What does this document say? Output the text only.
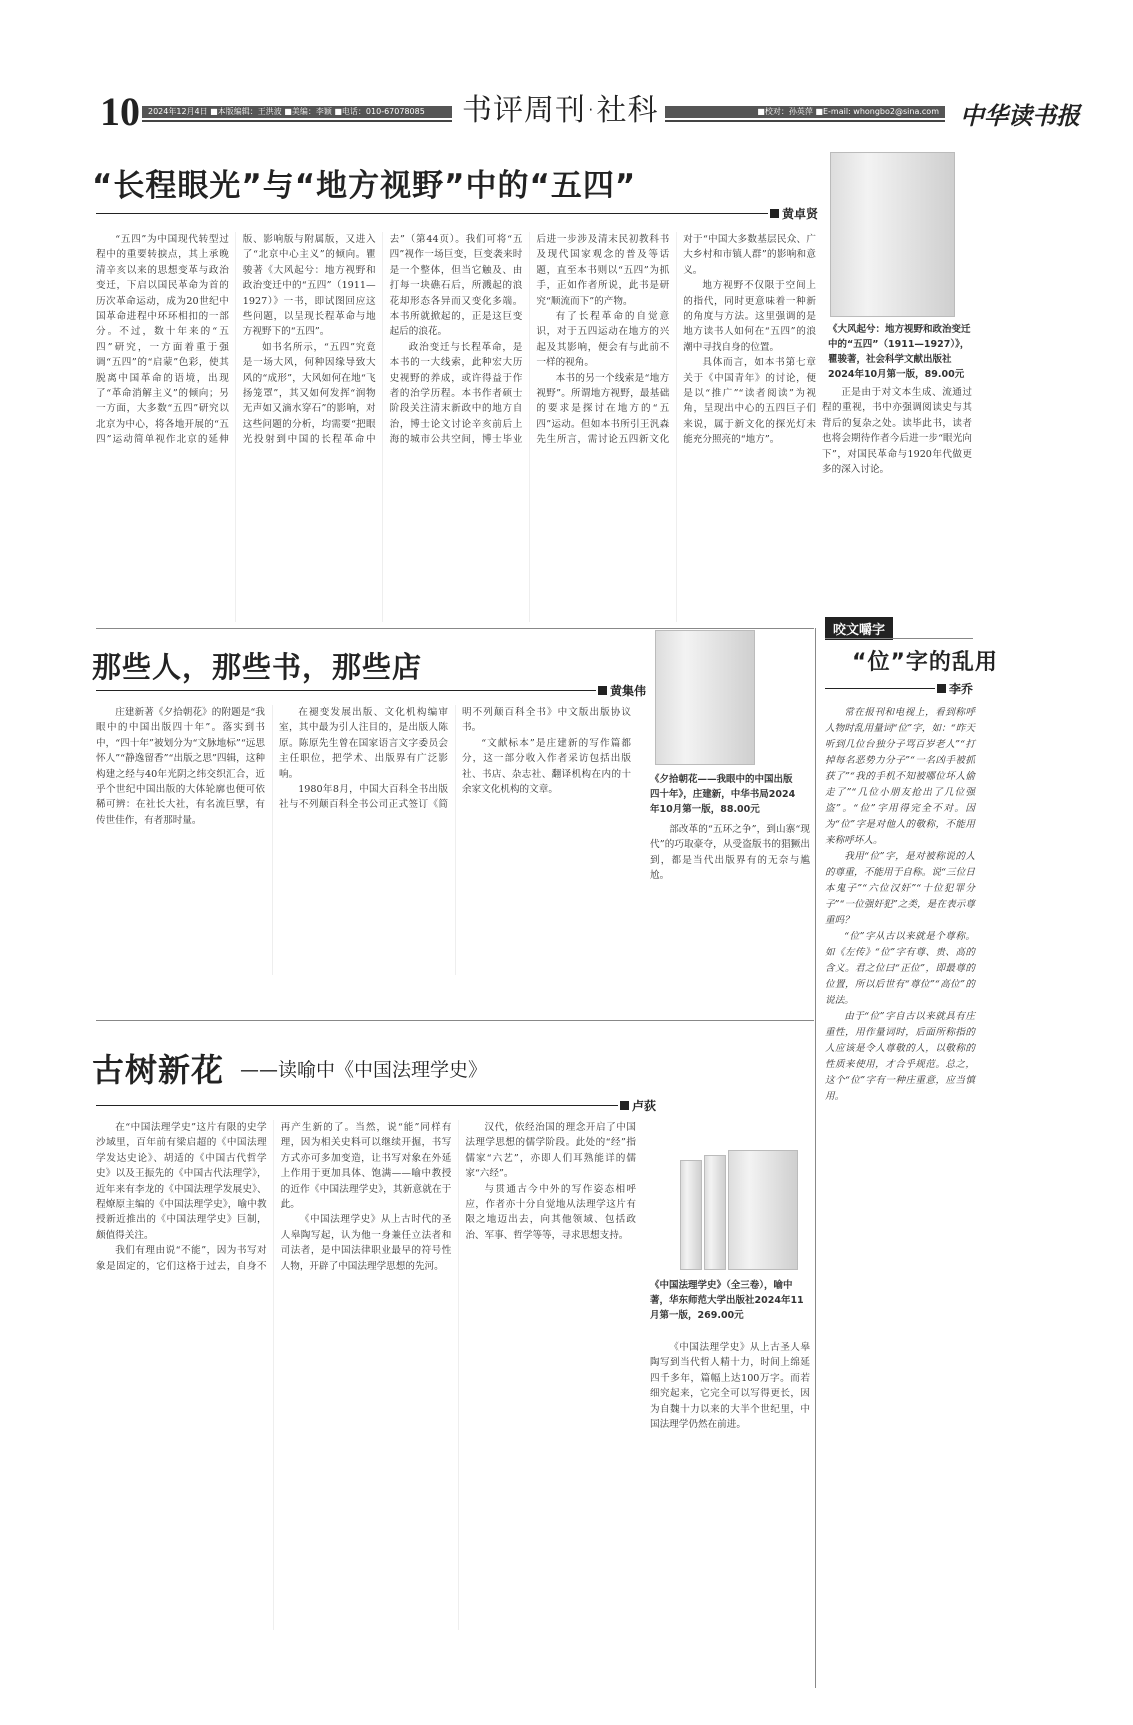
10	2024年12月4日 ■本版编辑：王洪波 ■美编：李颖 ■电话：010-67078085	书评周刊·社科	■校对：孙英萍 ■E-mail: whongbo2@sina.com 中华读书报
“长程眼光”与“地方视野”中的“五四”
黄卓贤

“五四”为中国现代转型过程中的重要转捩点，其上承晚清辛亥以来的思想变革与政治变迁，下启以国民革命为首的历次革命运动，成为20世纪中国革命进程中环环相扣的一部分。不过，数十年来的“五四”研究，一方面着重于强调“五四”的“启蒙”色彩，使其脱离中国革命的语境，出现了“革命消解主义”的倾向；另一方面，大多数“五四”研究以北京为中心，将各地开展的“五四”运动简单视作北京的延伸版、影响版与附属版，又进入了“北京中心主义”的倾向。瞿骏著《大风起兮：地方视野和政治变迁中的“五四”（1911—1927）》一书，即试图回应这些问题，以呈现长程革命与地方视野下的“五四”。

如书名所示，“五四”究竟是一场大风，何种因缘导致大风的“成形”，大风如何在地“飞扬笼罩”，其又如何发挥“润物无声如又滴水穿石”的影响，对这些问题的分析，均需要“把眼光投射到中国的长程革命中去”（第44页）。我们可将“五四”视作一场巨变，巨变袭来时是一个整体，但当它触及、由打每一块礁石后，所溅起的浪花却形态各异而又变化多端。本书所就掀起的，正是这巨变起后的浪花。

政治变迁与长程革命，是本书的一大线索，此种宏大历史视野的养成，或许得益于作者的治学历程。本书作者硕士阶段关注清末新政中的地方自治，博士论文讨论辛亥前后上海的城市公共空间，博士毕业后进一步涉及清末民初教科书及现代国家观念的普及等话题，直至本书则以“五四”为抓手，正如作者所说，此书是研究“顺流而下”的产物。

有了长程革命的自觉意识，对于五四运动在地方的兴起及其影响，便会有与此前不一样的视角。

本书的另一个线索是“地方视野”。所谓地方视野，最基础的要求是探讨在地方的“五四”运动。但如本书所引王汎森先生所言，需讨论五四新文化对于“中国大多数基层民众、广大乡村和市镇人群”的影响和意义。

地方视野不仅限于空间上的指代，同时更意味着一种新的角度与方法。这里强调的是地方读书人如何在“五四”的浪潮中寻找自身的位置。

具体而言，如本书第七章关于《中国青年》的讨论，便是以“推广”“读者阅读”为视角，呈现出中心的五四巨子们来说，属于新文化的探光灯未能充分照亮的“地方”。

《大风起兮：地方视野和政治变迁中的“五四”（1911—1927）》，瞿骏著，社会科学文献出版社2024年10月第一版，89.00元

正是由于对文本生成、流通过程的重视，书中亦强调阅读史与其背后的复杂之处。读毕此书，读者也将会期待作者今后进一步“眼光向下”，对国民革命与1920年代做更多的深入讨论。

咬文嚼字
“位”字的乱用
李乔

常在报刊和电视上，看到称呼人物时乱用量词“位”字，如：“昨天听到几位台独分子骂百岁老人”“打掉每名恶势力分子”“一名凶手被抓获了”“我的手机不知被哪位坏人偷走了”“几位小朋友抢出了几位强盗”。“位”字用得完全不对。因为“位”字是对他人的敬称，不能用来称呼坏人。

我用“位”字，是对被称说的人的尊重，不能用于自称。说“三位日本鬼子”“六位汉奸”“十位犯罪分子”“一位强奸犯”之类，是在表示尊重吗？

“位”字从古以来就是个尊称。如《左传》“位”字有尊、贵、高的含义。君之位曰“正位”，即最尊的位置，所以后世有“尊位”“高位”的说法。

由于“位”字自古以来就具有庄重性，用作量词时，后面所称指的人应该是令人尊敬的人，以敬称的性质来使用，才合乎规范。总之，这个“位”字有一种庄重意，应当慎用。

那些人，那些书，那些店
黄集伟

庄建新著《夕拾朝花》的附题是“我眼中的中国出版四十年”。落实到书中，“四十年”被划分为“文脉地标”“远思怀人”“静逸留香”“出版之思”四辑，这种构建之经与40年光阴之纬交织汇合，近乎个世纪中国出版的大体轮廓也便可依稀可辨：在社长大社，有名流巨擘，有传世佳作，有者那时量。

在褪变发展出版、文化机构编审室，其中最为引人注目的，是出版人陈原。陈原先生曾在国家语言文字委员会主任职位，把学术、出版界有广泛影响。

1980年8月，中国大百科全书出版社与不列颠百科全书公司正式签订《简明不列颠百科全书》中文版出版协议书。

“文献标本”是庄建新的写作篇都分，这一部分收入作者采访包括出版社、书店、杂志社、翻译机构在内的十余家文化机构的文章。

《夕拾朝花——我眼中的中国出版四十年》，庄建新，中华书局2024年10月第一版，88.00元

部改革的“五环之争”，到山寨“现代”的巧取豪夺，从受盗版书的猖獗出到，都是当代出版界有的无奈与尴尬。

古树新花 ——读喻中《中国法理学史》
卢荻

在“中国法理学史”这片有限的史学沙域里，百年前有梁启超的《中国法理学发达史论》、胡适的《中国古代哲学史》以及王振先的《中国古代法理学》，近年来有李龙的《中国法理学发展史》、程燎原主编的《中国法理学史》，喻中教授新近推出的《中国法理学史》巨制，颇值得关注。

我们有理由说“不能”，因为书写对象是固定的，它们这格于过去，自身不再产生新的了。当然，说“能”同样有理，因为相关史料可以继续开掘，书写方式亦可多加变造，让书写对象在外延上作用于更加具体、饱满——喻中教授的近作《中国法理学史》，其新意就在于此。

《中国法理学史》从上古时代的圣人皋陶写起，认为他一身兼任立法者和司法者，是中国法律职业最早的符号性人物，开辟了中国法理学思想的先河。

汉代，依经治国的理念开启了中国法理学思想的儒学阶段。此处的“经”指儒家“六艺”，亦即人们耳熟能详的儒家“六经”。

与贯通古今中外的写作姿态相呼应，作者亦十分自觉地从法理学这片有限之地迈出去，向其他领域、包括政治、军事、哲学等等，寻求思想支持。

《中国法理学史》（全三卷），喻中著，华东师范大学出版社2024年11月第一版，269.00元

《中国法理学史》从上古圣人皋陶写到当代哲人精十力，时间上绵延四千多年，篇幅上达100万字。而若细究起来，它完全可以写得更长，因为自魏十力以来的大半个世纪里，中国法理学仍然在前进。
